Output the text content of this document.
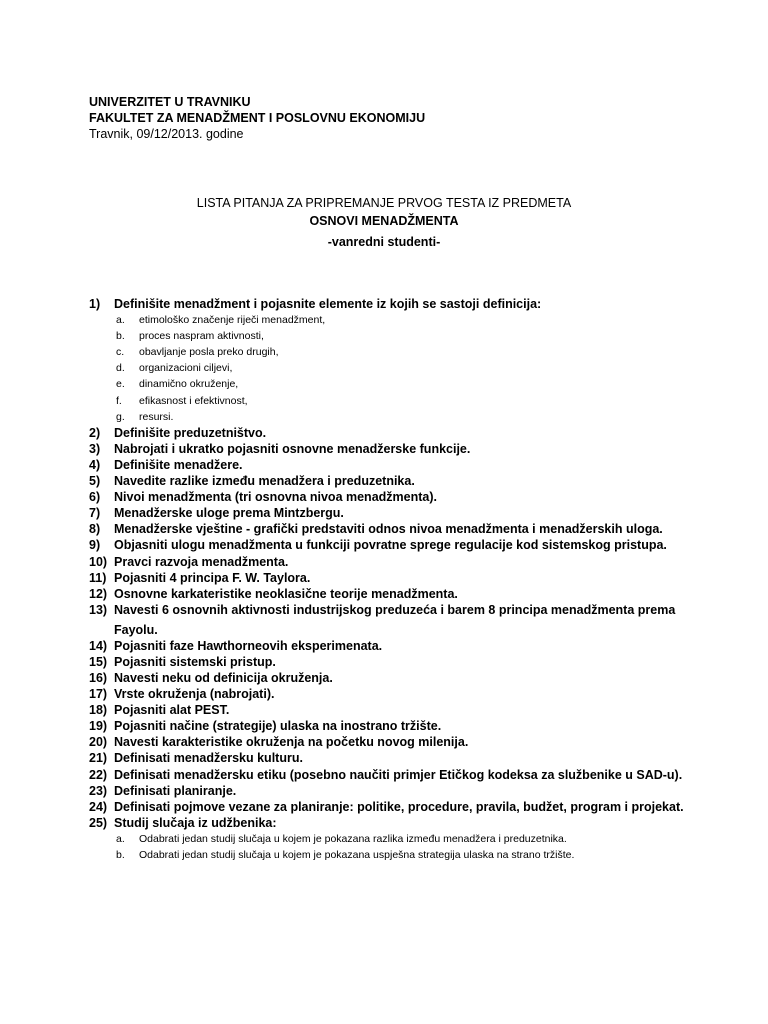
UNIVERZITET U TRAVNIKU
FAKULTET ZA MENADŽMENT I POSLOVNU EKONOMIJU
Travnik, 09/12/2013. godine
LISTA PITANJA ZA PRIPREMANJE PRVOG TESTA IZ PREDMETA
OSNOVI MENADŽMENTA
-vanredni studenti-
1) Definišite menadžment i pojasnite elemente iz kojih se sastoji definicija:
a. etimološko značenje riječi menadžment,
b. proces naspram aktivnosti,
c. obavljanje posla preko drugih,
d. organizacioni ciljevi,
e. dinamično okruženje,
f. efikasnost i efektivnost,
g. resursi.
2) Definišite preduzetništvo.
3) Nabrojati i ukratko pojasniti osnovne menadžerske funkcije.
4) Definišite menadžere.
5) Navedite razlike između menadžera i preduzetnika.
6) Nivoi menadžmenta (tri osnovna nivoa menadžmenta).
7) Menadžerske uloge prema Mintzbergu.
8) Menadžerske vještine - grafički predstaviti odnos nivoa menadžmenta i menadžerskih uloga.
9) Objasniti ulogu menadžmenta u funkciji povratne sprege regulacije kod sistemskog pristupa.
10) Pravci razvoja menadžmenta.
11) Pojasniti 4 principa F. W. Taylora.
12) Osnovne karkateristike neoklasične teorije menadžmenta.
13) Navesti 6 osnovnih aktivnosti industrijskog preduzeća i barem 8 principa menadžmenta prema
Fayolu.
14) Pojasniti faze Hawthorneovih eksperimenata.
15) Pojasniti sistemski pristup.
16) Navesti neku od definicija okruženja.
17) Vrste okruženja (nabrojati).
18) Pojasniti alat PEST.
19) Pojasniti načine (strategije) ulaska na inostrano tržište.
20) Navesti karakteristike okruženja na početku novog milenija.
21) Definisati menadžersku kulturu.
22) Definisati menadžersku etiku (posebno naučiti primjer Etičkog kodeksa za službenike u SAD-u).
23) Definisati planiranje.
24) Definisati pojmove vezane za planiranje: politike, procedure, pravila, budžet, program i projekat.
25) Studij slučaja iz udžbenika:
a. Odabrati jedan studij slučaja u kojem je pokazana razlika između menadžera i preduzetnika.
b. Odabrati jedan studij slučaja u kojem je pokazana uspješna strategija ulaska na strano tržište.
